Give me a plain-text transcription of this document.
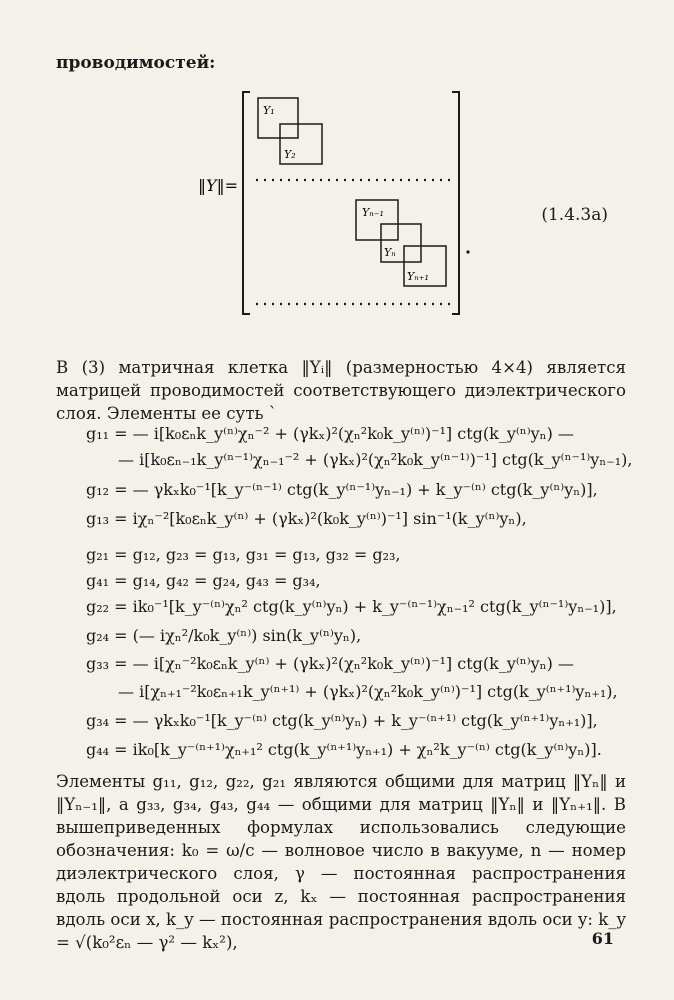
проводимостей:
‖Y‖=
Y₁
Y₂
Yₙ₋₁
Yₙ
Yₙ₊₁
(1.4.3a)
В (3) матричная клетка ‖Yᵢ‖ (размерностью 4×4) является матрицей проводимостей соответствующего диэлектрического слоя. Элементы ее суть `
g₁₁ = — i[k₀εₙk_y⁽ⁿ⁾χₙ⁻² + (γkₓ)²(χₙ²k₀k_y⁽ⁿ⁾)⁻¹] ctg(k_y⁽ⁿ⁾yₙ) —
— i[k₀εₙ₋₁k_y⁽ⁿ⁻¹⁾χₙ₋₁⁻² + (γkₓ)²(χₙ²k₀k_y⁽ⁿ⁻¹⁾)⁻¹] ctg(k_y⁽ⁿ⁻¹⁾yₙ₋₁),
g₁₂ = — γkₓk₀⁻¹[k_y⁻⁽ⁿ⁻¹⁾ ctg(k_y⁽ⁿ⁻¹⁾yₙ₋₁) + k_y⁻⁽ⁿ⁾ ctg(k_y⁽ⁿ⁾yₙ)],
g₁₃ = iχₙ⁻²[k₀εₙk_y⁽ⁿ⁾ + (γkₓ)²(k₀k_y⁽ⁿ⁾)⁻¹] sin⁻¹(k_y⁽ⁿ⁾yₙ),
g₂₁ = g₁₂, g₂₃ = g₁₃, g₃₁ = g₁₃, g₃₂ = g₂₃,
g₄₁ = g₁₄, g₄₂ = g₂₄, g₄₃ = g₃₄,
g₂₂ = ik₀⁻¹[k_y⁻⁽ⁿ⁾χₙ² ctg(k_y⁽ⁿ⁾yₙ) + k_y⁻⁽ⁿ⁻¹⁾χₙ₋₁² ctg(k_y⁽ⁿ⁻¹⁾yₙ₋₁)],
g₂₄ = (— iχₙ²/k₀k_y⁽ⁿ⁾) sin(k_y⁽ⁿ⁾yₙ),
g₃₃ = — i[χₙ⁻²k₀εₙk_y⁽ⁿ⁾ + (γkₓ)²(χₙ²k₀k_y⁽ⁿ⁾)⁻¹] ctg(k_y⁽ⁿ⁾yₙ) —
— i[χₙ₊₁⁻²k₀εₙ₊₁k_y⁽ⁿ⁺¹⁾ + (γkₓ)²(χₙ²k₀k_y⁽ⁿ⁾)⁻¹] ctg(k_y⁽ⁿ⁺¹⁾yₙ₊₁),
g₃₄ = — γkₓk₀⁻¹[k_y⁻⁽ⁿ⁾ ctg(k_y⁽ⁿ⁾yₙ) + k_y⁻⁽ⁿ⁺¹⁾ ctg(k_y⁽ⁿ⁺¹⁾yₙ₊₁)],
g₄₄ = ik₀[k_y⁻⁽ⁿ⁺¹⁾χₙ₊₁² ctg(k_y⁽ⁿ⁺¹⁾yₙ₊₁) + χₙ²k_y⁻⁽ⁿ⁾ ctg(k_y⁽ⁿ⁾yₙ)].
Элементы g₁₁, g₁₂, g₂₂, g₂₁ являются общими для матриц ‖Yₙ‖ и ‖Yₙ₋₁‖, а g₃₃, g₃₄, g₄₃, g₄₄ — общими для матриц ‖Yₙ‖ и ‖Yₙ₊₁‖. В вышеприведенных формулах использовались следующие обозначения: k₀ = ω/c — волновое число в вакууме, n — номер диэлектрического слоя, γ — постоянная распространения вдоль продольной оси z, kₓ — постоянная распространения вдоль оси x, k_y — постоянная распространения вдоль оси y: k_y = √(k₀²εₙ — γ² — kₓ²),	61
